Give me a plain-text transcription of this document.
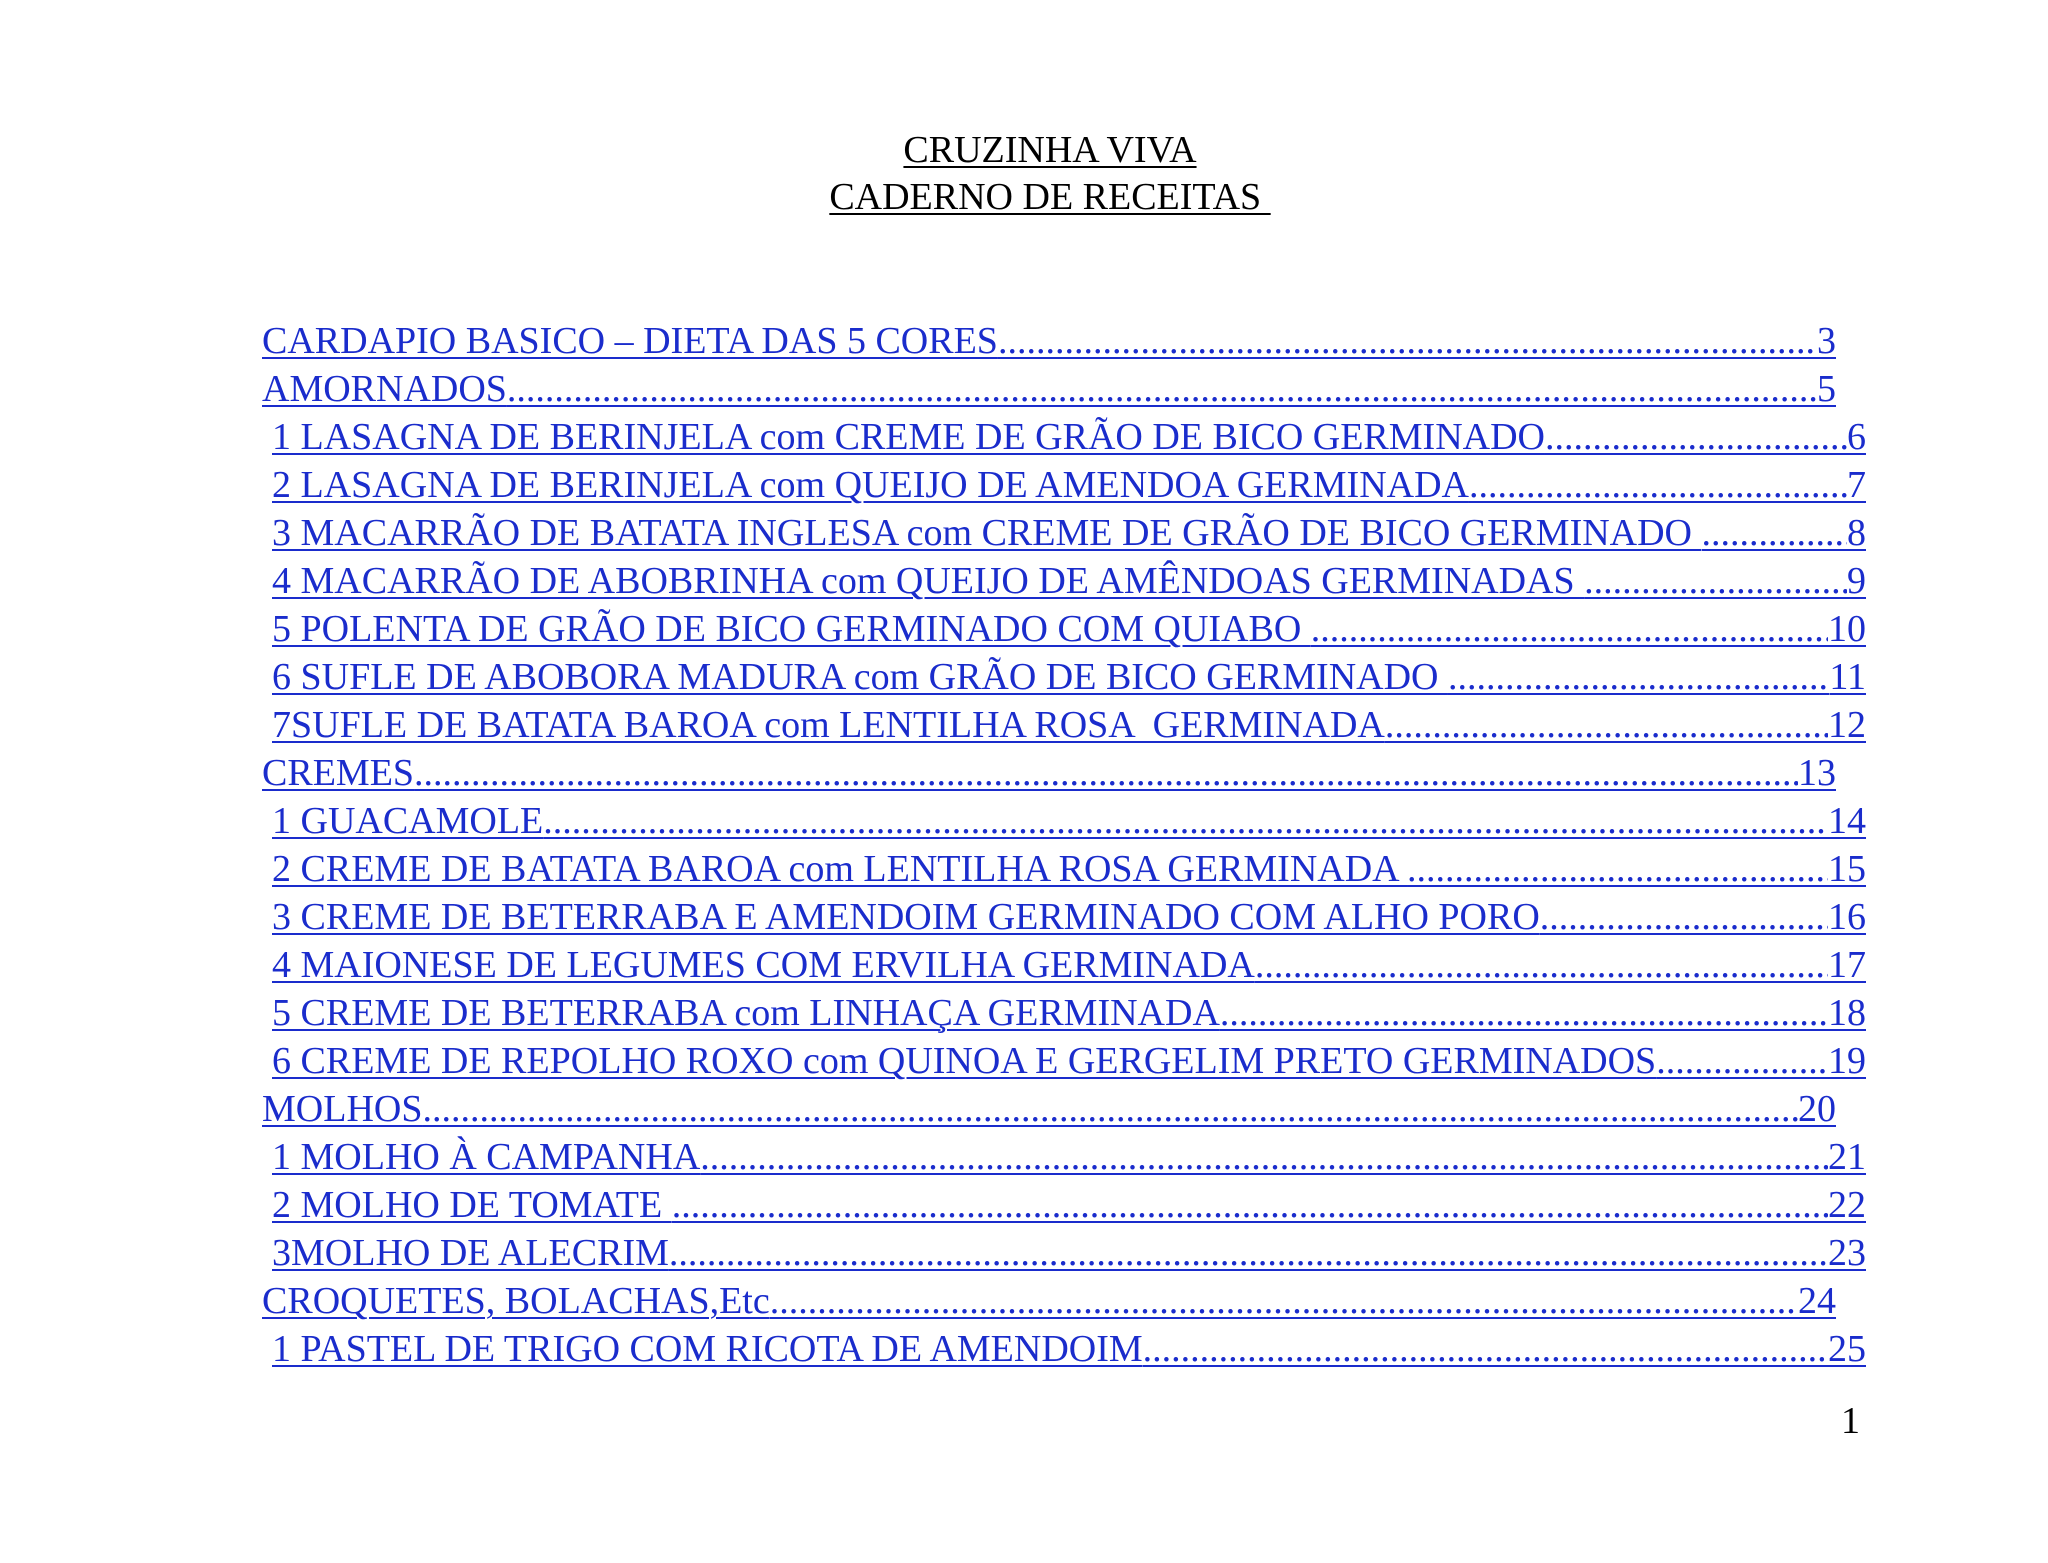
CRUZINHA VIVA
CADERNO DE RECEITAS
CARDAPIO BASICO – DIETA DAS 5 CORES .....	3
AMORNADOS .....	5
1 LASAGNA DE BERINJELA com CREME DE GRÃO DE BICO GERMINADO .....	6
2 LASAGNA DE BERINJELA com QUEIJO DE AMENDOA GERMINADA .....	7
3 MACARRÃO DE BATATA INGLESA com CREME DE GRÃO DE BICO GERMINADO .....	8
4 MACARRÃO DE ABOBRINHA com QUEIJO DE AMÊNDOAS GERMINADAS .....	9
5 POLENTA DE GRÃO DE BICO GERMINADO COM QUIABO .....	10
6 SUFLE DE ABOBORA MADURA com GRÃO DE BICO GERMINADO .....	11
7SUFLE DE BATATA BAROA com LENTILHA ROSA  GERMINADA .....	12
CREMES .....	13
1 GUACAMOLE .....	14
2 CREME DE BATATA BAROA com LENTILHA ROSA GERMINADA .....	15
3 CREME DE BETERRABA E AMENDOIM GERMINADO COM ALHO PORO .....	16
4 MAIONESE DE LEGUMES COM ERVILHA GERMINADA .....	17
5 CREME DE BETERRABA com LINHAÇA GERMINADA .....	18
6 CREME DE REPOLHO ROXO com QUINOA E GERGELIM PRETO GERMINADOS .....	19
MOLHOS .....	20
1 MOLHO À CAMPANHA .....	21
2 MOLHO DE TOMATE .....	22
3MOLHO DE ALECRIM .....	23
CROQUETES, BOLACHAS,Etc .....	24
1 PASTEL DE TRIGO COM RICOTA DE AMENDOIM .....	25
1
